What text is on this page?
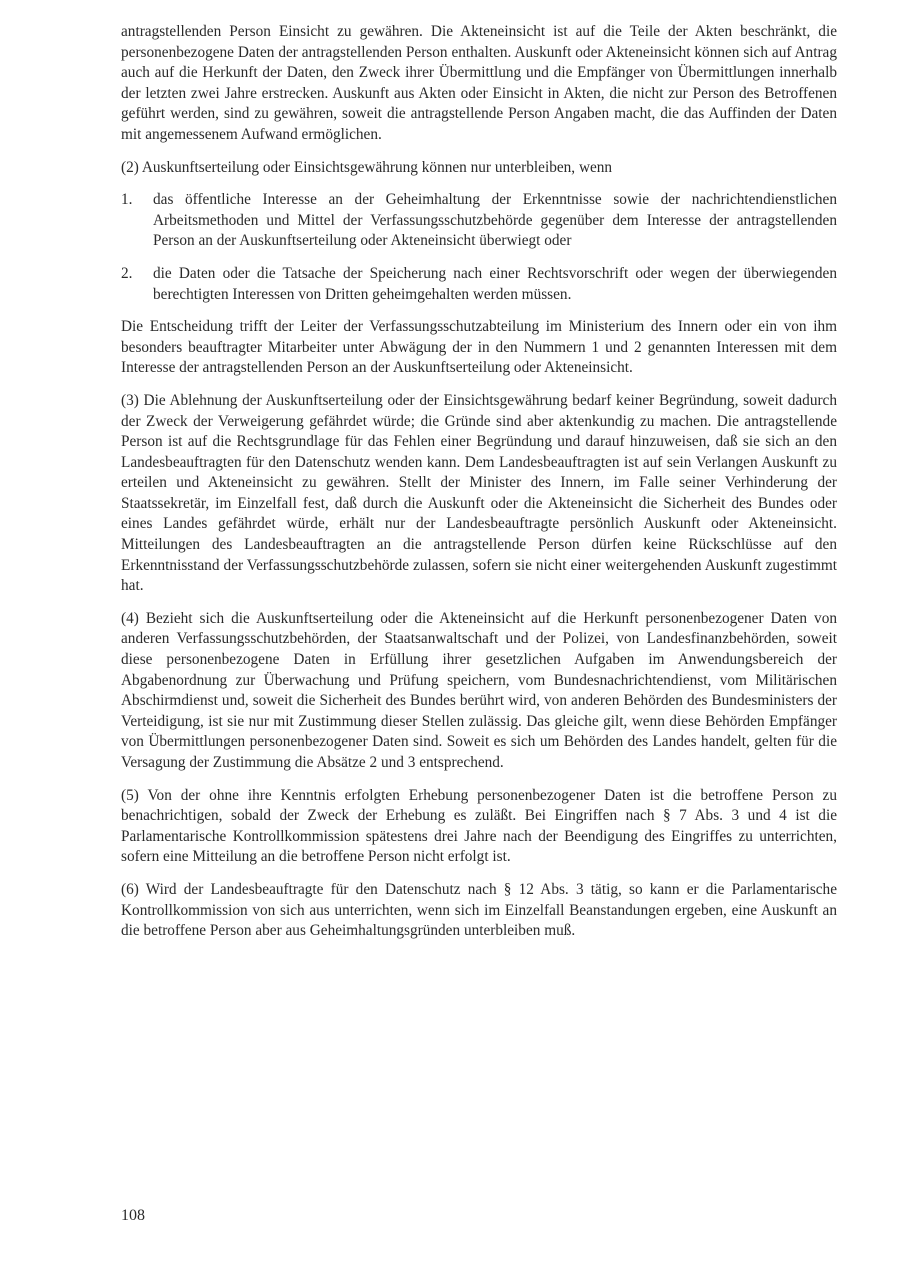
antragstellenden Person Einsicht zu gewähren. Die Akteneinsicht ist auf die Teile der Akten beschränkt, die personenbezogene Daten der antragstellenden Person enthalten. Auskunft oder Akteneinsicht können sich auf Antrag auch auf die Herkunft der Daten, den Zweck ihrer Übermittlung und die Empfänger von Übermittlungen innerhalb der letzten zwei Jahre erstrecken. Auskunft aus Akten oder Einsicht in Akten, die nicht zur Person des Betroffenen geführt werden, sind zu gewähren, soweit die antragstellende Person Angaben macht, die das Auffinden der Daten mit angemessenem Aufwand ermöglichen.

(2) Auskunftserteilung oder Einsichtsgewährung können nur unterbleiben, wenn

1.	das öffentliche Interesse an der Geheimhaltung der Erkenntnisse sowie der nachrichtendienstlichen Arbeitsmethoden und Mittel der Verfassungsschutzbehörde gegenüber dem Interesse der antragstellenden Person an der Auskunftserteilung oder Akteneinsicht überwiegt oder
2.	die Daten oder die Tatsache der Speicherung nach einer Rechtsvorschrift oder wegen der überwiegenden berechtigten Interessen von Dritten geheimgehalten werden müssen.

Die Entscheidung trifft der Leiter der Verfassungsschutzabteilung im Ministerium des Innern oder ein von ihm besonders beauftragter Mitarbeiter unter Abwägung der in den Nummern 1 und 2 genannten Interessen mit dem Interesse der antragstellenden Person an der Auskunftserteilung oder Akteneinsicht.

(3) Die Ablehnung der Auskunftserteilung oder der Einsichtsgewährung bedarf keiner Begründung, soweit dadurch der Zweck der Verweigerung gefährdet würde; die Gründe sind aber aktenkundig zu machen. Die antragstellende Person ist auf die Rechtsgrundlage für das Fehlen einer Begründung und darauf hinzuweisen, daß sie sich an den Landesbeauftragten für den Datenschutz wenden kann. Dem Landesbeauftragten ist auf sein Verlangen Auskunft zu erteilen und Akteneinsicht zu gewähren. Stellt der Minister des Innern, im Falle seiner Verhinderung der Staatssekretär, im Einzelfall fest, daß durch die Auskunft oder die Akteneinsicht die Sicherheit des Bundes oder eines Landes gefährdet würde, erhält nur der Landesbeauftragte persönlich Auskunft oder Akteneinsicht. Mitteilungen des Landesbeauftragten an die antragstellende Person dürfen keine Rückschlüsse auf den Erkenntnisstand der Verfassungsschutzbehörde zulassen, sofern sie nicht einer weitergehenden Auskunft zugestimmt hat.

(4) Bezieht sich die Auskunftserteilung oder die Akteneinsicht auf die Herkunft personenbezogener Daten von anderen Verfassungsschutzbehörden, der Staatsanwaltschaft und der Polizei, von Landesfinanzbehörden, soweit diese personenbezogene Daten in Erfüllung ihrer gesetzlichen Aufgaben im Anwendungsbereich der Abgabenordnung zur Überwachung und Prüfung speichern, vom Bundesnachrichtendienst, vom Militärischen Abschirmdienst und, soweit die Sicherheit des Bundes berührt wird, von anderen Behörden des Bundesministers der Verteidigung, ist sie nur mit Zustimmung dieser Stellen zulässig. Das gleiche gilt, wenn diese Behörden Empfänger von Übermittlungen personenbezogener Daten sind. Soweit es sich um Behörden des Landes handelt, gelten für die Versagung der Zustimmung die Absätze 2 und 3 entsprechend.

(5) Von der ohne ihre Kenntnis erfolgten Erhebung personenbezogener Daten ist die betroffene Person zu benachrichtigen, sobald der Zweck der Erhebung es zuläßt. Bei Eingriffen nach § 7 Abs. 3 und 4 ist die Parlamentarische Kontrollkommission spätestens drei Jahre nach der Beendigung des Eingriffes zu unterrichten, sofern eine Mitteilung an die betroffene Person nicht erfolgt ist.

(6) Wird der Landesbeauftragte für den Datenschutz nach § 12 Abs. 3 tätig, so kann er die Parlamentarische Kontrollkommission von sich aus unterrichten, wenn sich im Einzelfall Beanstandungen ergeben, eine Auskunft an die betroffene Person aber aus Geheimhaltungsgründen unterbleiben muß.

108
